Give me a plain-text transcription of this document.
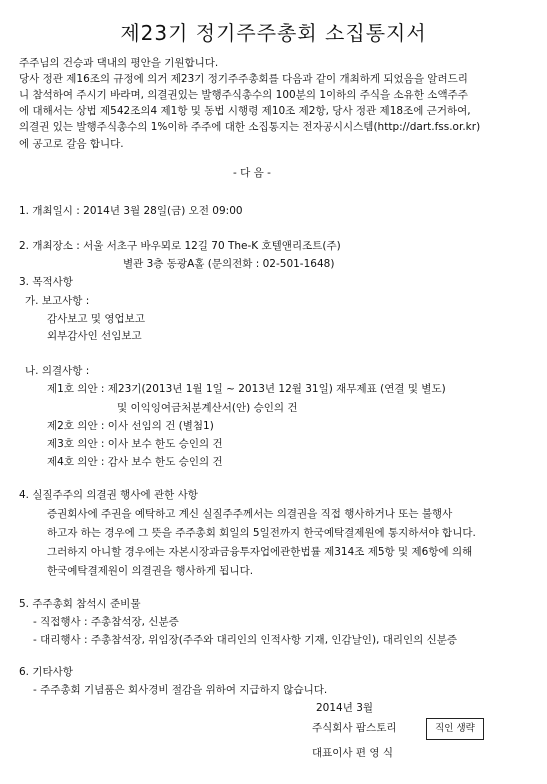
제23기 정기주주총회 소집통지서
주주님의 건승과 댁내의 평안을 기원합니다.
당사 정관 제16조의 규정에 의거 제23기 정기주주총회를 다음과 같이 개최하게 되었음을 알려드리
니 참석하여 주시기 바라며, 의결권있는 발행주식총수의 100분의 1이하의 주식을 소유한 소액주주
에 대해서는 상법 제542조의4 제1항 및 동법 시행령 제10조 제2항, 당사 정관 제18조에 근거하여,
의결권 있는 발행주식총수의 1%이하 주주에 대한 소집통지는 전자공시시스템(http://dart.fss.or.kr)
에 공고로 갈음 합니다.
- 다 음 -
1. 개최일시 : 2014년 3월 28일(금) 오전 09:00
2. 개최장소 : 서울 서초구 바우뫼로 12길 70 The-K 호텔앤리조트(주)
별관 3층 동광A홀 (문의전화 : 02-501-1648)
3. 목적사항
가. 보고사항 :
감사보고 및 영업보고
외부감사인 선임보고
나. 의결사항 :
제1호 의안 : 제23기(2013년 1월 1일 ~ 2013년 12월 31일) 재무제표 (연결 및 별도)
및 이익잉여금처분계산서(안) 승인의 건
제2호 의안 : 이사 선임의 건 (별첨1)
제3호 의안 : 이사 보수 한도 승인의 건
제4호 의안 : 감사 보수 한도 승인의 건
4. 실질주주의 의결권 행사에 관한 사항
증권회사에 주권을 예탁하고 계신 실질주주께서는 의결권을 직접 행사하거나 또는 불행사
하고자 하는 경우에 그 뜻을 주주총회 회일의 5일전까지 한국예탁결제원에 통지하셔야 합니다.
그러하지 아니할 경우에는 자본시장과금융투자업에관한법률 제314조 제5항 및 제6항에 의해
한국예탁결제원이 의결권을 행사하게 됩니다.
5. 주주총회 참석시 준비물
- 직접행사 : 주총참석장, 신분증
- 대리행사 : 주총참석장, 위임장(주주와 대리인의 인적사항 기재, 인감날인), 대리인의 신분증
6. 기타사항
- 주주총회 기념품은 회사경비 절감을 위하여 지급하지 않습니다.
2014년 3월
주식회사 팜스토리	직인 생략
대표이사 편 영 식
